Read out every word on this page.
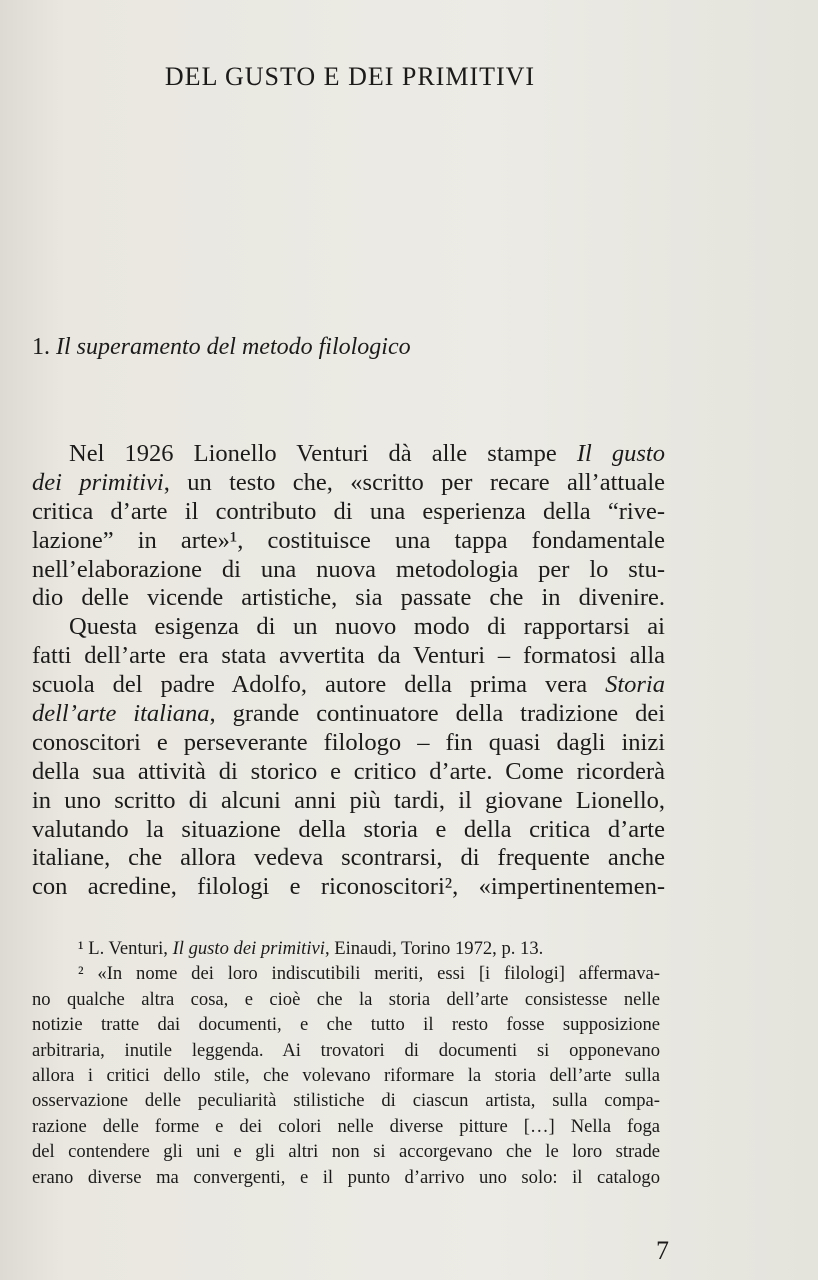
DEL GUSTO E DEI PRIMITIVI
1. Il superamento del metodo filologico
Nel 1926 Lionello Venturi dà alle stampe Il gusto
dei primitivi, un testo che, «scritto per recare all’attuale
critica d’arte il contributo di una esperienza della “rive-
lazione” in arte»¹, costituisce una tappa fondamentale
nell’elaborazione di una nuova metodologia per lo stu-
dio delle vicende artistiche, sia passate che in divenire.
Questa esigenza di un nuovo modo di rapportarsi ai
fatti dell’arte era stata avvertita da Venturi – formatosi alla
scuola del padre Adolfo, autore della prima vera Storia
dell’arte italiana, grande continuatore della tradizione dei
conoscitori e perseverante filologo – fin quasi dagli inizi
della sua attività di storico e critico d’arte. Come ricorderà
in uno scritto di alcuni anni più tardi, il giovane Lionello,
valutando la situazione della storia e della critica d’arte
italiane, che allora vedeva scontrarsi, di frequente anche
con acredine, filologi e riconoscitori², «impertinentemen-
¹ L. Venturi, Il gusto dei primitivi, Einaudi, Torino 1972, p. 13.
² «In nome dei loro indiscutibili meriti, essi [i filologi] affermava-
no qualche altra cosa, e cioè che la storia dell’arte consistesse nelle
notizie tratte dai documenti, e che tutto il resto fosse supposizione
arbitraria, inutile leggenda. Ai trovatori di documenti si opponevano
allora i critici dello stile, che volevano riformare la storia dell’arte sulla
osservazione delle peculiarità stilistiche di ciascun artista, sulla compa-
razione delle forme e dei colori nelle diverse pitture […] Nella foga
del contendere gli uni e gli altri non si accorgevano che le loro strade
erano diverse ma convergenti, e il punto d’arrivo uno solo: il catalogo
7
